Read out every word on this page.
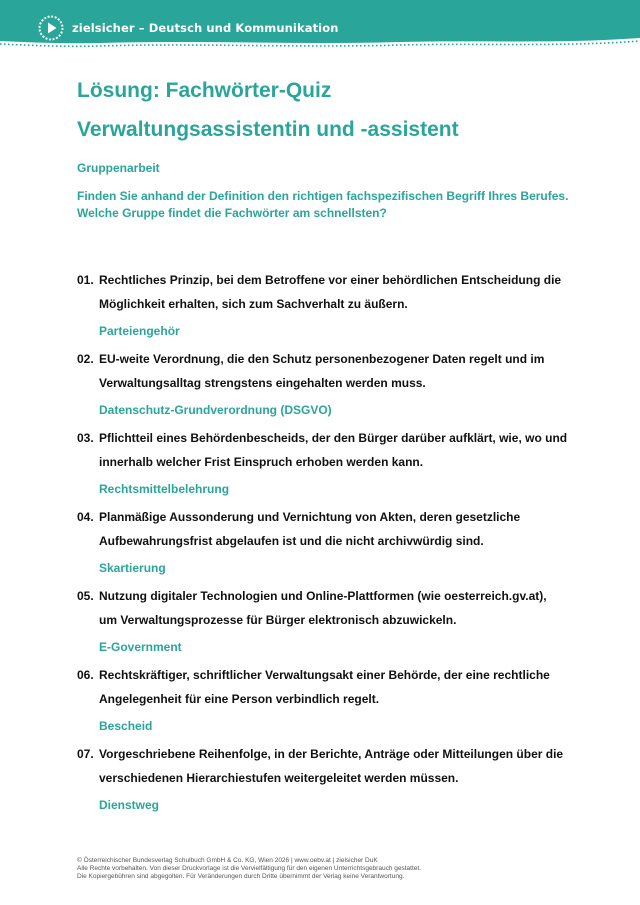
zielsicher – Deutsch und Kommunikation
Lösung: Fachwörter-Quiz
Verwaltungsassistentin und -assistent
Gruppenarbeit
Finden Sie anhand der Definition den richtigen fachspezifischen Begriff Ihres Berufes.
Welche Gruppe findet die Fachwörter am schnellsten?
01. Rechtliches Prinzip, bei dem Betroffene vor einer behördlichen Entscheidung die
Möglichkeit erhalten, sich zum Sachverhalt zu äußern.
Parteiengehör
02. EU-weite Verordnung, die den Schutz personenbezogener Daten regelt und im
Verwaltungsalltag strengstens eingehalten werden muss.
Datenschutz-Grundverordnung (DSGVO)
03. Pflichtteil eines Behördenbescheids, der den Bürger darüber aufklärt, wie, wo und
innerhalb welcher Frist Einspruch erhoben werden kann.
Rechtsmittelbelehrung
04. Planmäßige Aussonderung und Vernichtung von Akten, deren gesetzliche
Aufbewahrungsfrist abgelaufen ist und die nicht archivwürdig sind.
Skartierung
05. Nutzung digitaler Technologien und Online-Plattformen (wie oesterreich.gv.at),
um Verwaltungsprozesse für Bürger elektronisch abzuwickeln.
E-Government
06. Rechtskräftiger, schriftlicher Verwaltungsakt einer Behörde, der eine rechtliche
Angelegenheit für eine Person verbindlich regelt.
Bescheid
07. Vorgeschriebene Reihenfolge, in der Berichte, Anträge oder Mitteilungen über die
verschiedenen Hierarchiestufen weitergeleitet werden müssen.
Dienstweg
© Österreichischer Bundesverlag Schulbuch GmbH & Co. KG, Wien 2026 | www.oebv.at | zielsicher DuK
Alle Rechte vorbehalten. Von dieser Druckvorlage ist die Vervielfältigung für den eigenen Unterrichtsgebrauch gestattet.
Die Kopiergebühren sind abgegolten. Für Veränderungen durch Dritte übernimmt der Verlag keine Verantwortung.
